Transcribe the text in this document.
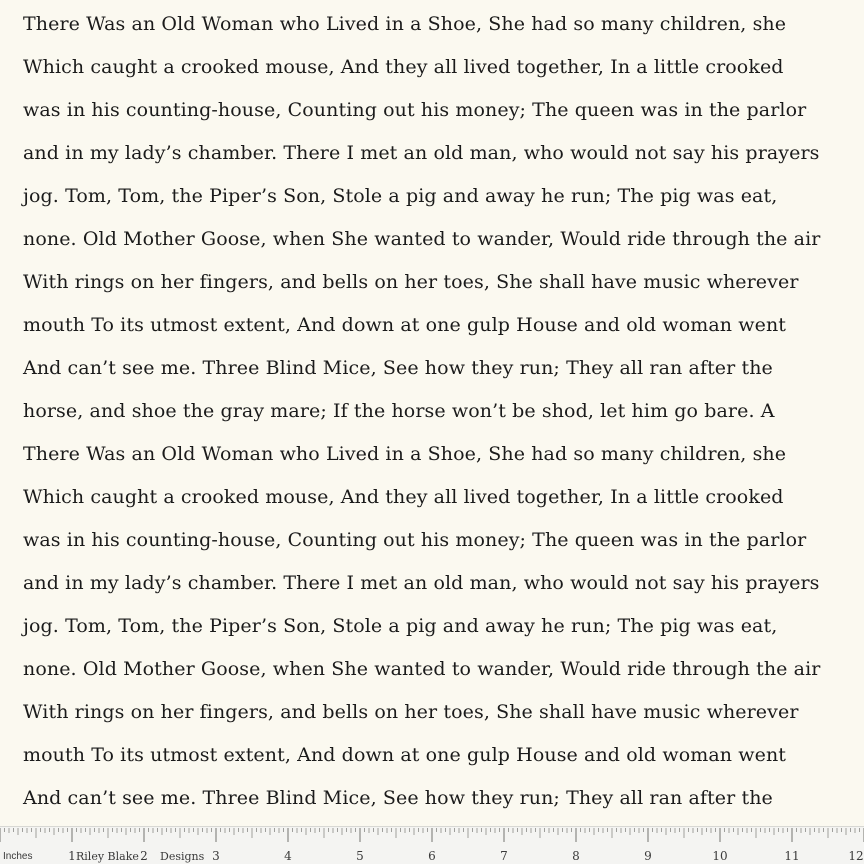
There Was an Old Woman who Lived in a Shoe, She had so many children, she
Which caught a crooked mouse, And they all lived together, In a little crooked
was in his counting-house, Counting out his money; The queen was in the parlor
and in my lady’s chamber. There I met an old man, who would not say his prayers
jog. Tom, Tom, the Piper’s Son, Stole a pig and away he run; The pig was eat,
none. Old Mother Goose, when She wanted to wander, Would ride through the air
With rings on her fingers, and bells on her toes, She shall have music wherever
mouth To its utmost extent, And down at one gulp House and old woman went
And can’t see me. Three Blind Mice, See how they run; They all ran after the
horse, and shoe the gray mare; If the horse won’t be shod, let him go bare. A
There Was an Old Woman who Lived in a Shoe, She had so many children, she
Which caught a crooked mouse, And they all lived together, In a little crooked
was in his counting-house, Counting out his money; The queen was in the parlor
and in my lady’s chamber. There I met an old man, who would not say his prayers
jog. Tom, Tom, the Piper’s Son, Stole a pig and away he run; The pig was eat,
none. Old Mother Goose, when She wanted to wander, Would ride through the air
With rings on her fingers, and bells on her toes, She shall have music wherever
mouth To its utmost extent, And down at one gulp House and old woman went
And can’t see me. Three Blind Mice, See how they run; They all ran after the
Inches	Riley Blake Designs
1	2	3	4	5	6	7	8	9	10	11	12
